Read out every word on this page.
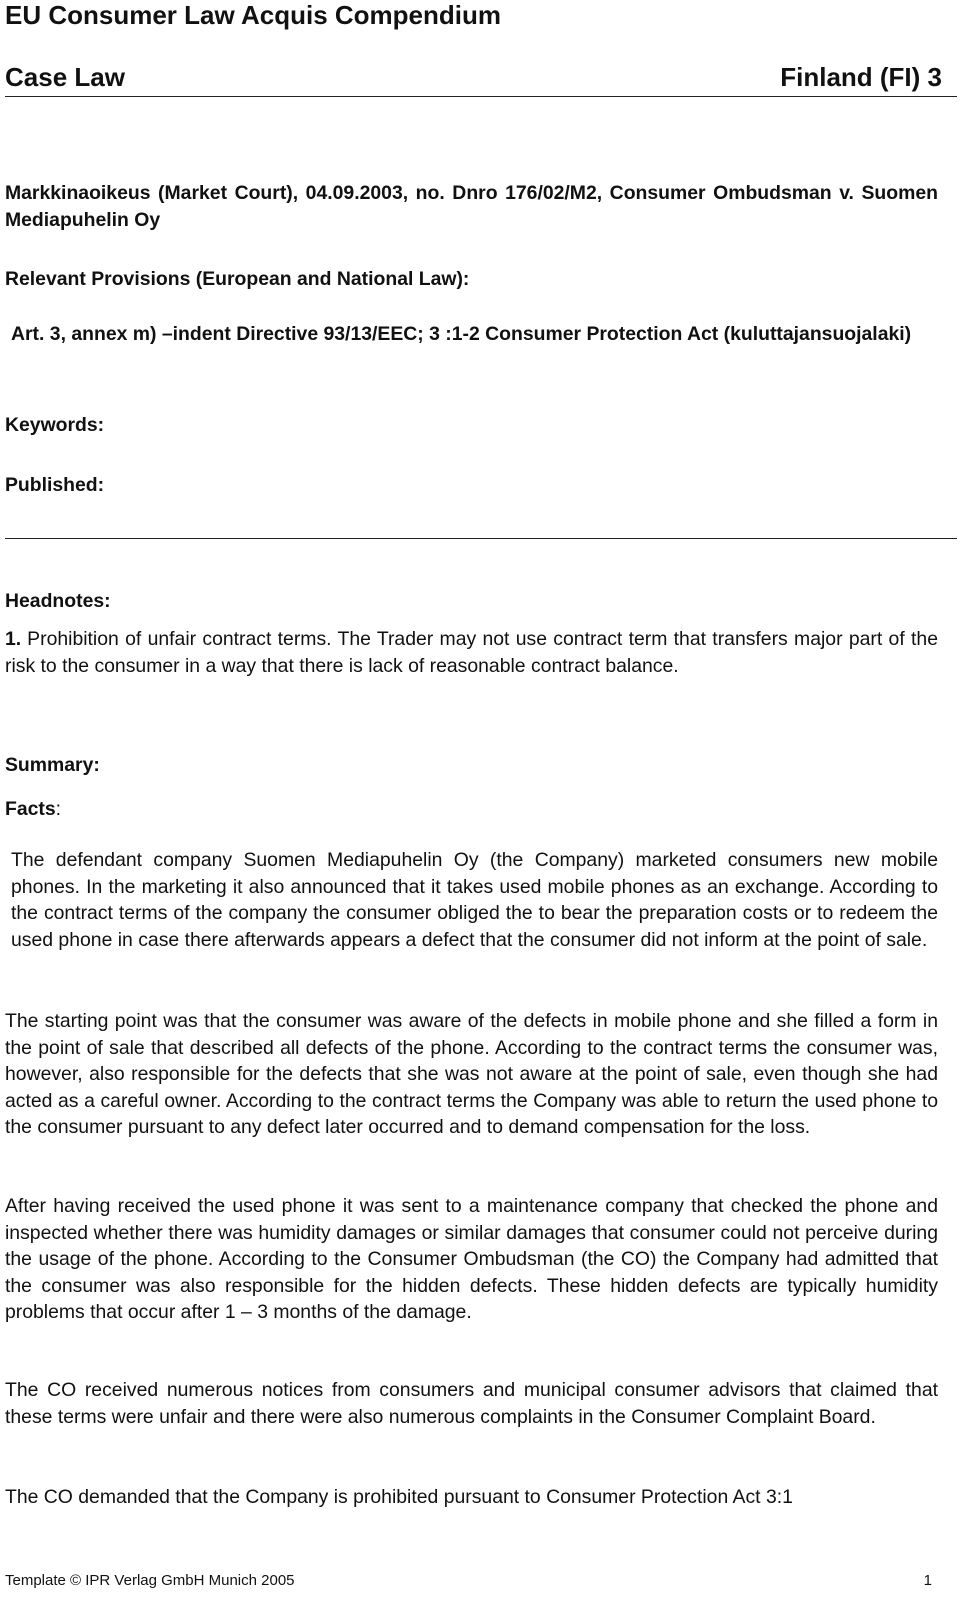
EU Consumer Law Acquis Compendium
Case Law	Finland (FI) 3
Markkinaoikeus (Market Court), 04.09.2003, no. Dnro 176/02/M2, Consumer Ombudsman v. Suomen Mediapuhelin Oy
Relevant Provisions (European and National Law):
Art. 3, annex m) –indent Directive 93/13/EEC; 3 :1-2 Consumer Protection Act (kuluttajansuojalaki)
Keywords:
Published:
Headnotes:
1. Prohibition of unfair contract terms. The Trader may not use contract term that transfers major part of the risk to the consumer in a way that there is lack of reasonable contract balance.
Summary:
Facts:
The defendant company Suomen Mediapuhelin Oy (the Company) marketed consumers new mobile phones. In the marketing it also announced that it takes used mobile phones as an exchange. According to the contract terms of the company the consumer obliged the to bear the preparation costs or to redeem the used phone in case there afterwards appears a defect that the consumer did not inform at the point of sale.
The starting point was that the consumer was aware of the defects in mobile phone and she filled a form in the point of sale that described all defects of the phone. According to the contract terms the consumer was, however, also responsible for the defects that she was not aware at the point of sale, even though she had acted as a careful owner. According to the contract terms the Company was able to return the used phone to the consumer pursuant to any defect later occurred and to demand compensation for the loss.
After having received the used phone it was sent to a maintenance company that checked the phone and inspected whether there was humidity damages or similar damages that consumer could not perceive during the usage of the phone. According to the Consumer Ombudsman (the CO) the Company had admitted that the consumer was also responsible for the hidden defects. These hidden defects are typically humidity problems that occur after 1 – 3 months of the damage.
The CO received numerous notices from consumers and municipal consumer advisors that claimed that these terms were unfair and there were also numerous complaints in the Consumer Complaint Board.
The CO demanded that the Company is prohibited pursuant to Consumer Protection Act 3:1
Template © IPR Verlag GmbH Munich 2005	1
